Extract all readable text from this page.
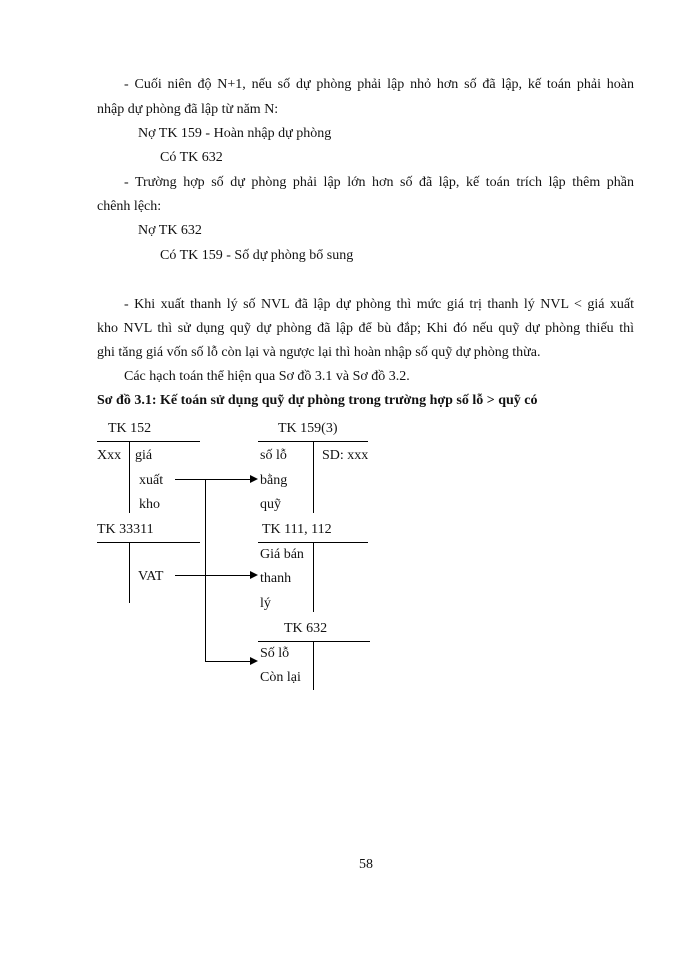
- Cuối niên độ N+1, nếu số dự phòng phải lập nhỏ hơn số đã lập, kế toán phải hoàn
nhập dự phòng đã lập từ năm N:
Nợ TK 159 - Hoàn nhập dự phòng
Có TK 632
- Trường hợp số dự phòng phải lập lớn hơn số đã lập, kế toán trích lập thêm phần
chênh lệch:
Nợ TK 632
Có TK 159 - Số dự phòng bổ sung
- Khi xuất thanh lý số NVL đã lập dự phòng thì mức giá trị thanh lý NVL < giá xuất
kho NVL thì sử dụng quỹ dự phòng đã lập để bù đắp; Khi đó nếu quỹ dự phòng thiếu thì
ghi tăng giá vốn số lỗ còn lại và ngược lại thì hoàn nhập số quỹ dự phòng thừa.
Các hạch toán thể hiện qua Sơ đồ 3.1 và Sơ đồ 3.2.
Sơ đồ 3.1: Kế toán sử dụng quỹ dự phòng trong trường hợp số lỗ > quỹ có
TK 152
Xxx giá
xuất
kho
TK 159(3)
số lỗ
bằng
quỹ
SD: xxx
TK 33311
VAT
TK 111, 112
Giá bán
thanh
lý
TK 632
Số lỗ
Còn lại
58
